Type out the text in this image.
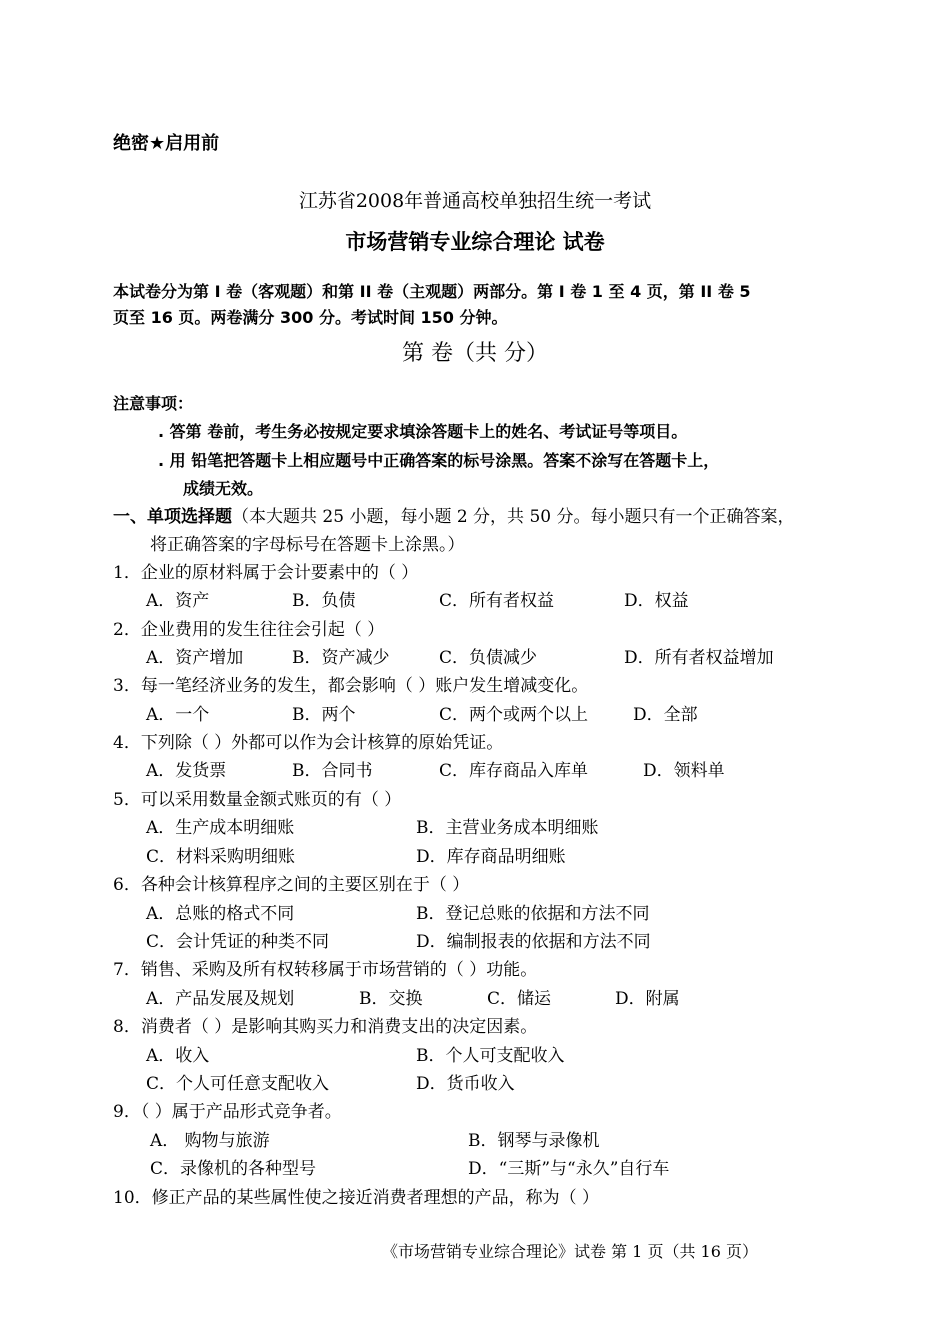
绝密★启用前
江苏省2008年普通高校单独招生统一考试
市场营销专业综合理论 试卷
本试卷分为第 I 卷（客观题）和第 II 卷（主观题）两部分。第 I 卷 1 至 4 页，第 II 卷 5
页至 16 页。两卷满分 300 分。考试时间 150 分钟。
第 卷（共 分）
注意事项：
. 答第 卷前，考生务必按规定要求填涂答题卡上的姓名、考试证号等项目。
. 用 铅笔把答题卡上相应题号中正确答案的标号涂黑。答案不涂写在答题卡上，
成绩无效。
一、单项选择题（本大题共 25 小题，每小题 2 分，共 50 分。每小题只有一个正确答案，
将正确答案的字母标号在答题卡上涂黑。）
1．企业的原材料属于会计要素中的（ ）
A．资产	B．负债	C．所有者权益	D．权益
2．企业费用的发生往往会引起（ ）
A．资产增加	B．资产减少	C．负债减少	D．所有者权益增加
3．每一笔经济业务的发生，都会影响（ ）账户发生增减变化。
A．一个	B．两个	C．两个或两个以上	D．全部
4．下列除（ ）外都可以作为会计核算的原始凭证。
A．发货票	B．合同书	C．库存商品入库单	D．领料单
5．可以采用数量金额式账页的有（ ）
A．生产成本明细账	B．主营业务成本明细账
C．材料采购明细账	D．库存商品明细账
6．各种会计核算程序之间的主要区别在于（ ）
A．总账的格式不同	B．登记总账的依据和方法不同
C．会计凭证的种类不同	D．编制报表的依据和方法不同
7．销售、采购及所有权转移属于市场营销的（ ）功能。
A．产品发展及规划	B．交换	C．储运	D．附属
8．消费者（ ）是影响其购买力和消费支出的决定因素。
A．收入	B．个人可支配收入
C．个人可任意支配收入	D．货币收入
9．（ ）属于产品形式竞争者。
A． 购物与旅游	B．钢琴与录像机
C．录像机的各种型号	D．“三斯”与“永久”自行车
10．修正产品的某些属性使之接近消费者理想的产品，称为（ ）
《市场营销专业综合理论》试卷 第 1 页（共 16 页）
